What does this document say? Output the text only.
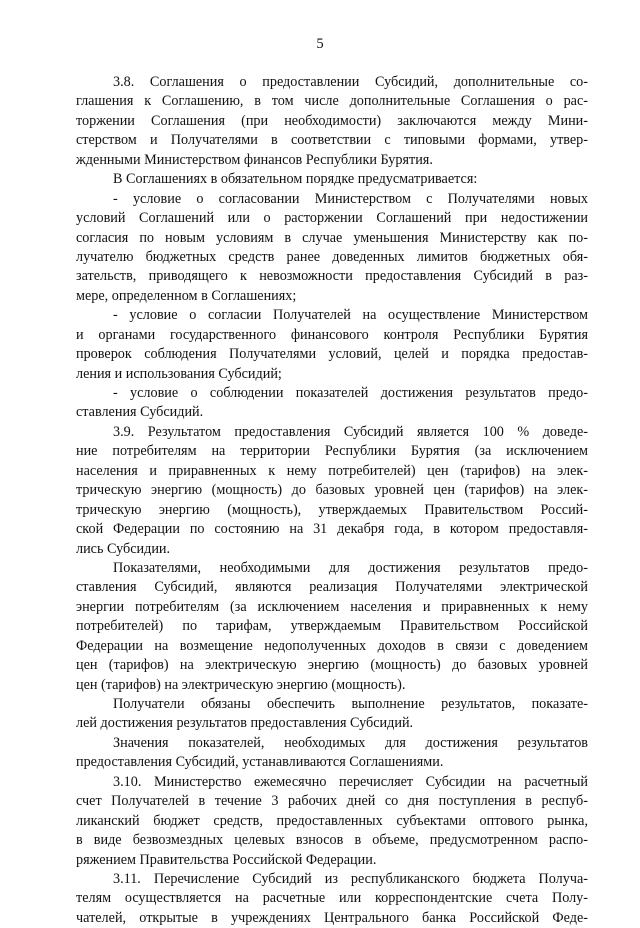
5
3.8. Соглашения о предоставлении Субсидий, дополнительные со-
глашения к Соглашению, в том числе дополнительные Соглашения о рас-
торжении Соглашения (при необходимости) заключаются между Мини-
стерством и Получателями в соответствии с типовыми формами, утвер-
жденными Министерством финансов Республики Бурятия.
В Соглашениях в обязательном порядке предусматривается:
- условие о согласовании Министерством с Получателями новых
условий Соглашений или о расторжении Соглашений при недостижении
согласия по новым условиям в случае уменьшения Министерству как по-
лучателю бюджетных средств ранее доведенных лимитов бюджетных обя-
зательств, приводящего к невозможности предоставления Субсидий в раз-
мере, определенном в Соглашениях;
- условие о согласии Получателей на осуществление Министерством
и органами государственного финансового контроля Республики Бурятия
проверок соблюдения Получателями условий, целей и порядка предостав-
ления и использования Субсидий;
- условие о соблюдении показателей достижения результатов предо-
ставления Субсидий.
3.9. Результатом предоставления Субсидий является 100 % доведе-
ние потребителям на территории Республики Бурятия (за исключением
населения и приравненных к нему потребителей) цен (тарифов) на элек-
трическую энергию (мощность) до базовых уровней цен (тарифов) на элек-
трическую энергию (мощность), утверждаемых Правительством Россий-
ской Федерации по состоянию на 31 декабря года, в котором предоставля-
лись Субсидии.
Показателями, необходимыми для достижения результатов предо-
ставления Субсидий, являются реализация Получателями электрической
энергии потребителям (за исключением населения и приравненных к нему
потребителей) по тарифам, утверждаемым Правительством Российской
Федерации на возмещение недополученных доходов в связи с доведением
цен (тарифов) на электрическую энергию (мощность) до базовых уровней
цен (тарифов) на электрическую энергию (мощность).
Получатели обязаны обеспечить выполнение результатов, показате-
лей достижения результатов предоставления Субсидий.
Значения показателей, необходимых для достижения результатов
предоставления Субсидий, устанавливаются Соглашениями.
3.10. Министерство ежемесячно перечисляет Субсидии на расчетный
счет Получателей в течение 3 рабочих дней со дня поступления в респуб-
ликанский бюджет средств, предоставленных субъектами оптового рынка,
в виде безвозмездных целевых взносов в объеме, предусмотренном распо-
ряжением Правительства Российской Федерации.
3.11. Перечисление Субсидий из республиканского бюджета Получа-
телям осуществляется на расчетные или корреспондентские счета Полу-
чателей, открытые в учреждениях Центрального банка Российской Феде-
